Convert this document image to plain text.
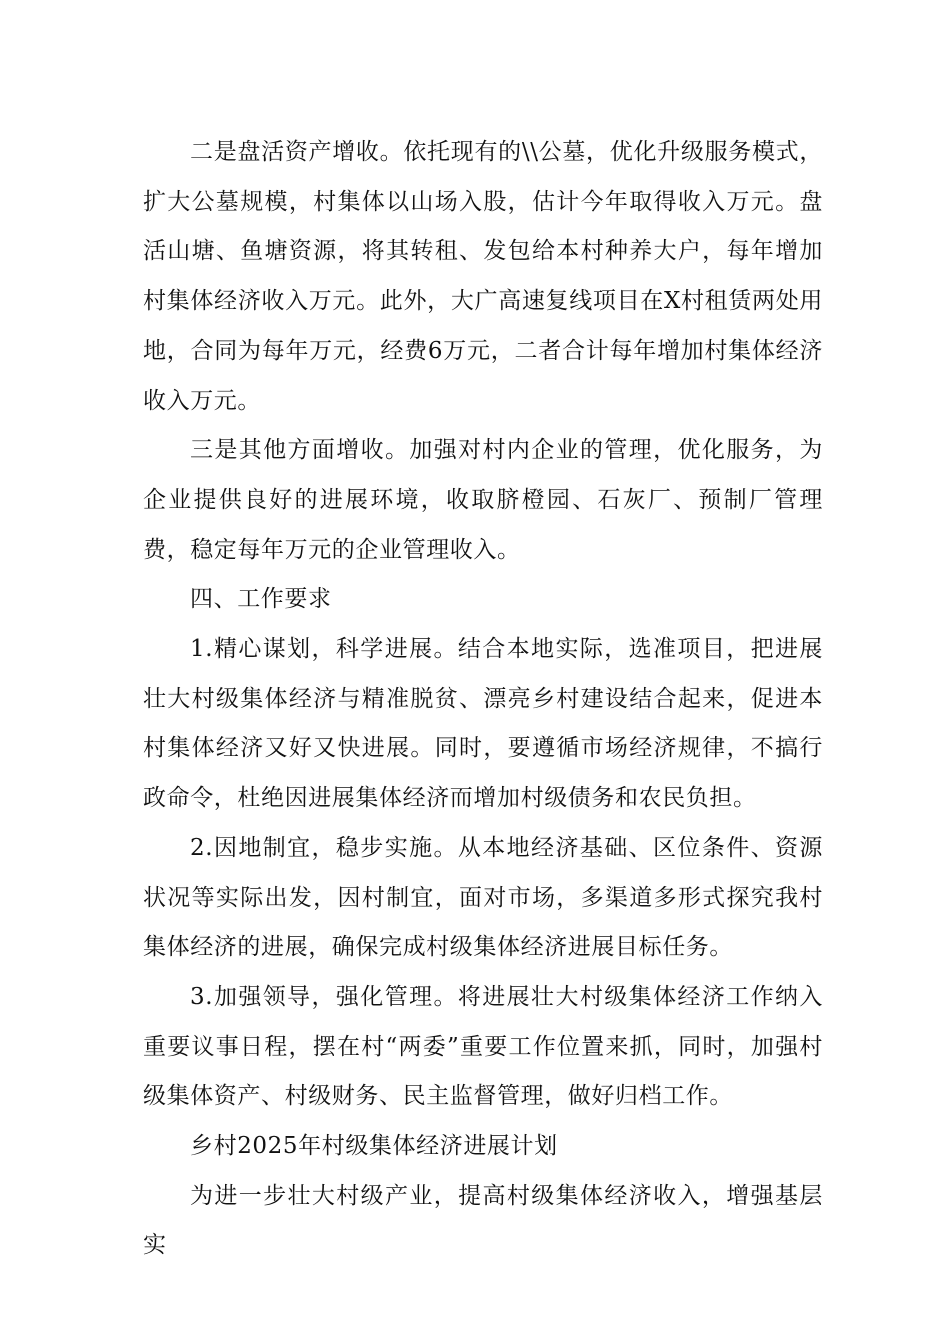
二是盘活资产增收。依托现有的\\公墓，优化升级服务模式，扩大公墓规模，村集体以山场入股，估计今年取得收入万元。盘活山塘、鱼塘资源，将其转租、发包给本村种养大户，每年增加村集体经济收入万元。此外，大广高速复线项目在X村租赁两处用地，合同为每年万元，经费6万元，二者合计每年增加村集体经济收入万元。

三是其他方面增收。加强对村内企业的管理，优化服务，为企业提供良好的进展环境，收取脐橙园、石灰厂、预制厂管理费，稳定每年万元的企业管理收入。

四、工作要求

1.精心谋划，科学进展。结合本地实际，选准项目，把进展壮大村级集体经济与精准脱贫、漂亮乡村建设结合起来，促进本村集体经济又好又快进展。同时，要遵循市场经济规律，不搞行政命令，杜绝因进展集体经济而增加村级债务和农民负担。

2.因地制宜，稳步实施。从本地经济基础、区位条件、资源状况等实际出发，因村制宜，面对市场，多渠道多形式探究我村集体经济的进展，确保完成村级集体经济进展目标任务。

3.加强领导，强化管理。将进展壮大村级集体经济工作纳入重要议事日程，摆在村“两委”重要工作位置来抓，同时，加强村级集体资产、村级财务、民主监督管理，做好归档工作。

乡村2025年村级集体经济进展计划

为进一步壮大村级产业，提高村级集体经济收入，增强基层实
